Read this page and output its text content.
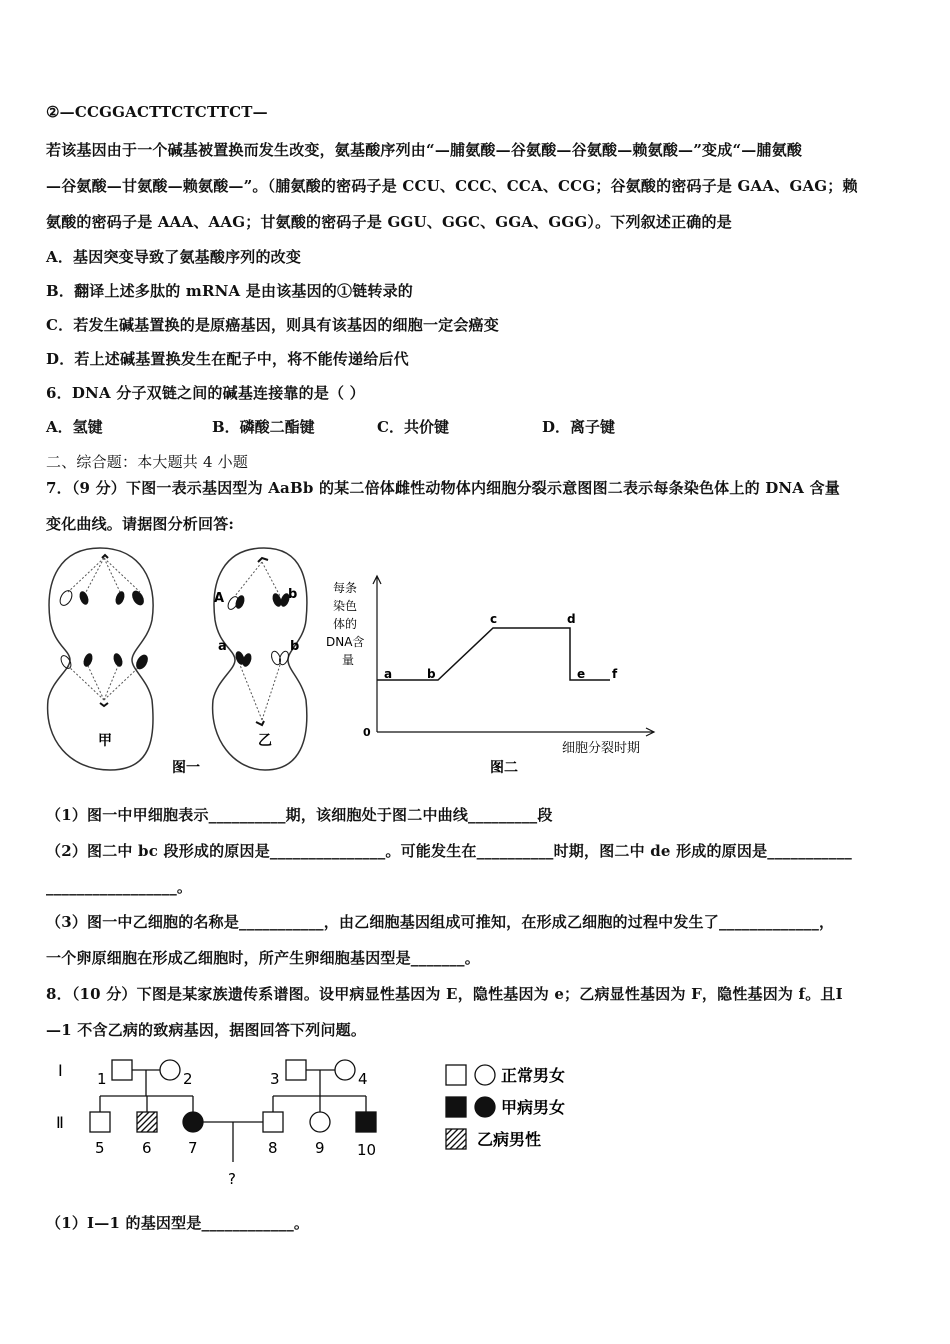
②—CCGGACTTCTCTTCT—
若该基因由于一个碱基被置换而发生改变，氨基酸序列由“—脯氨酸—谷氨酸—谷氨酸—赖氨酸—”变成“—脯氨酸
—谷氨酸—甘氨酸—赖氨酸—”。（脯氨酸的密码子是 CCU、CCC、CCA、CCG；谷氨酸的密码子是 GAA、GAG；赖
氨酸的密码子是 AAA、AAG；甘氨酸的密码子是 GGU、GGC、GGA、GGG）。下列叙述正确的是
A．基因突变导致了氨基酸序列的改变
B．翻译上述多肽的 mRNA 是由该基因的①链转录的
C．若发生碱基置换的是原癌基因，则具有该基因的细胞一定会癌变
D．若上述碱基置换发生在配子中，将不能传递给后代
6．DNA 分子双链之间的碱基连接靠的是（ ）
A．氢键	B．磷酸二酯键	C．共价键	D．离子键
二、综合题：本大题共 4 小题
7．（9 分）下图一表示基因型为 AaBb 的某二倍体雌性动物体内细胞分裂示意图图二表示每条染色体上的 DNA 含量
变化曲线。请据图分析回答:
甲
图一
A	b
a	b
乙
每条
染色
体的
DNA含
量
0
a	b
c	d
e f
细胞分裂时期
图二
（1）图一中甲细胞表示__________期，该细胞处于图二中曲线_________段
（2）图二中 bc 段形成的原因是_______________。可能发生在__________时期，图二中 de 形成的原因是___________
_________________。
（3）图一中乙细胞的名称是___________，由乙细胞基因组成可推知，在形成乙细胞的过程中发生了_____________，
一个卵原细胞在形成乙细胞时，所产生卵细胞基因型是_______。
8．（10 分）下图是某家族遗传系谱图。设甲病显性基因为 E，隐性基因为 e；乙病显性基因为 F，隐性基因为 f。且Ⅰ
—1 不含乙病的致病基因，据图回答下列问题。
Ⅰ
Ⅱ
1	2	3	4
5 6 7	8 9 10
?
正常男女
甲病男女
乙病男性
（1）Ⅰ—1 的基因型是____________。
